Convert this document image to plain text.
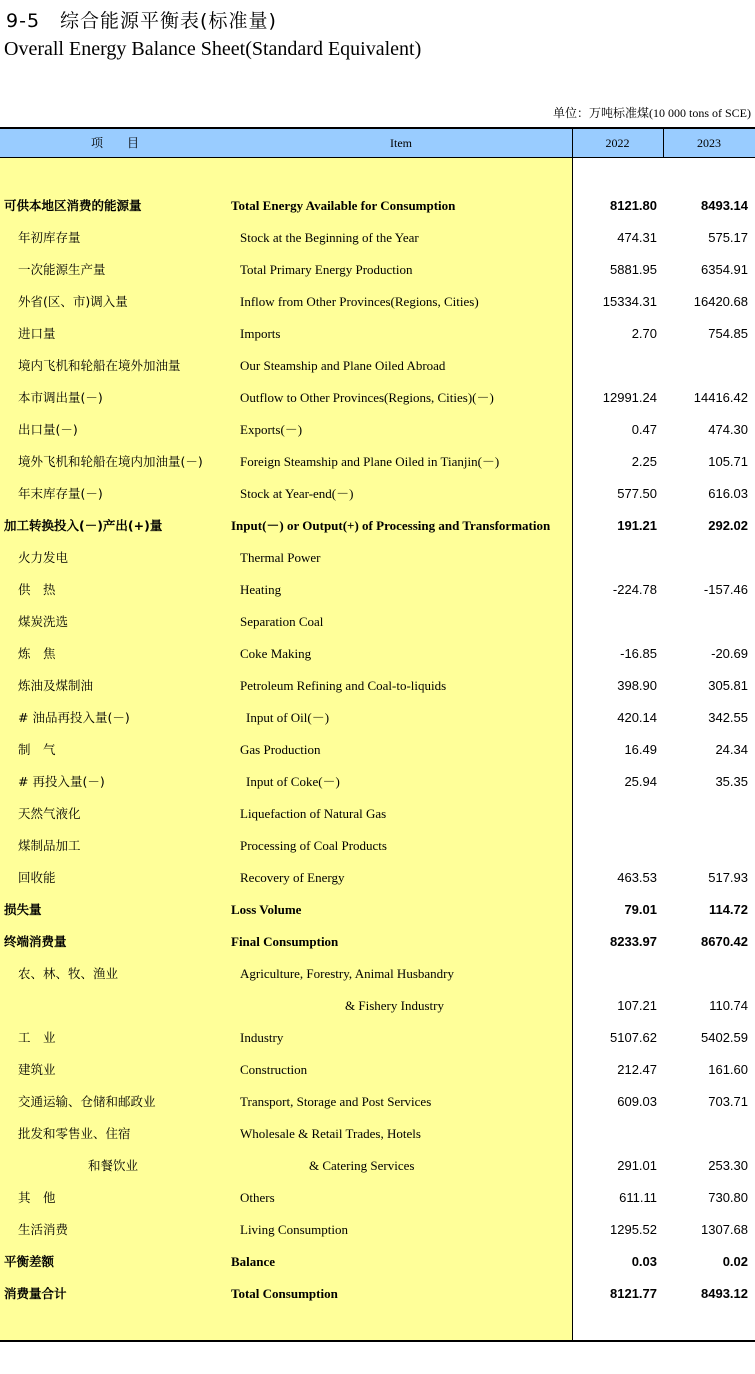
9-5　综合能源平衡表(标准量)
Overall Energy Balance Sheet(Standard Equivalent)
单位：万吨标准煤(10 000 tons of SCE)
项　　目	Item	2022	2023
可供本地区消费的能源量	Total Energy Available for Consumption	8121.80	8493.14
年初库存量	Stock at the Beginning of the Year	474.31	575.17
一次能源生产量	Total Primary Energy Production	5881.95	6354.91
外省(区、市)调入量	Inflow from Other Provinces(Regions, Cities)	15334.31	16420.68
进口量	Imports	2.70	754.85
境内飞机和轮船在境外加油量	Our Steamship and Plane Oiled Abroad
本市调出量(－)	Outflow to Other Provinces(Regions, Cities)(－)	12991.24	14416.42
出口量(－)	Exports(－)	0.47	474.30
境外飞机和轮船在境内加油量(－)	Foreign Steamship and Plane Oiled in Tianjin(－)	2.25	105.71
年末库存量(－)	Stock at Year-end(－)	577.50	616.03
加工转换投入(－)产出(+)量	Input(－) or Output(+) of Processing and Transformation	191.21	292.02
火力发电	Thermal Power
供　热	Heating	-224.78	-157.46
煤炭洗选	Separation Coal
炼　焦	Coke Making	-16.85	-20.69
炼油及煤制油	Petroleum Refining and Coal-to-liquids	398.90	305.81
# 油品再投入量(－)	Input of Oil(－)	420.14	342.55
制　气	Gas Production	16.49	24.34
# 再投入量(－)	Input of Coke(－)	25.94	35.35
天然气液化	Liquefaction of Natural Gas
煤制品加工	Processing of Coal Products
回收能	Recovery of Energy	463.53	517.93
损失量	Loss Volume	79.01	114.72
终端消费量	Final Consumption	8233.97	8670.42
农、林、牧、渔业	Agriculture, Forestry, Animal Husbandry
& Fishery Industry	107.21	110.74
工　业	Industry	5107.62	5402.59
建筑业	Construction	212.47	161.60
交通运输、仓储和邮政业	Transport, Storage and Post Services	609.03	703.71
批发和零售业、住宿	Wholesale & Retail Trades, Hotels
和餐饮业	& Catering Services	291.01	253.30
其　他	Others	611.11	730.80
生活消费	Living Consumption	1295.52	1307.68
平衡差额	Balance	0.03	0.02
消费量合计	Total Consumption	8121.77	8493.12
